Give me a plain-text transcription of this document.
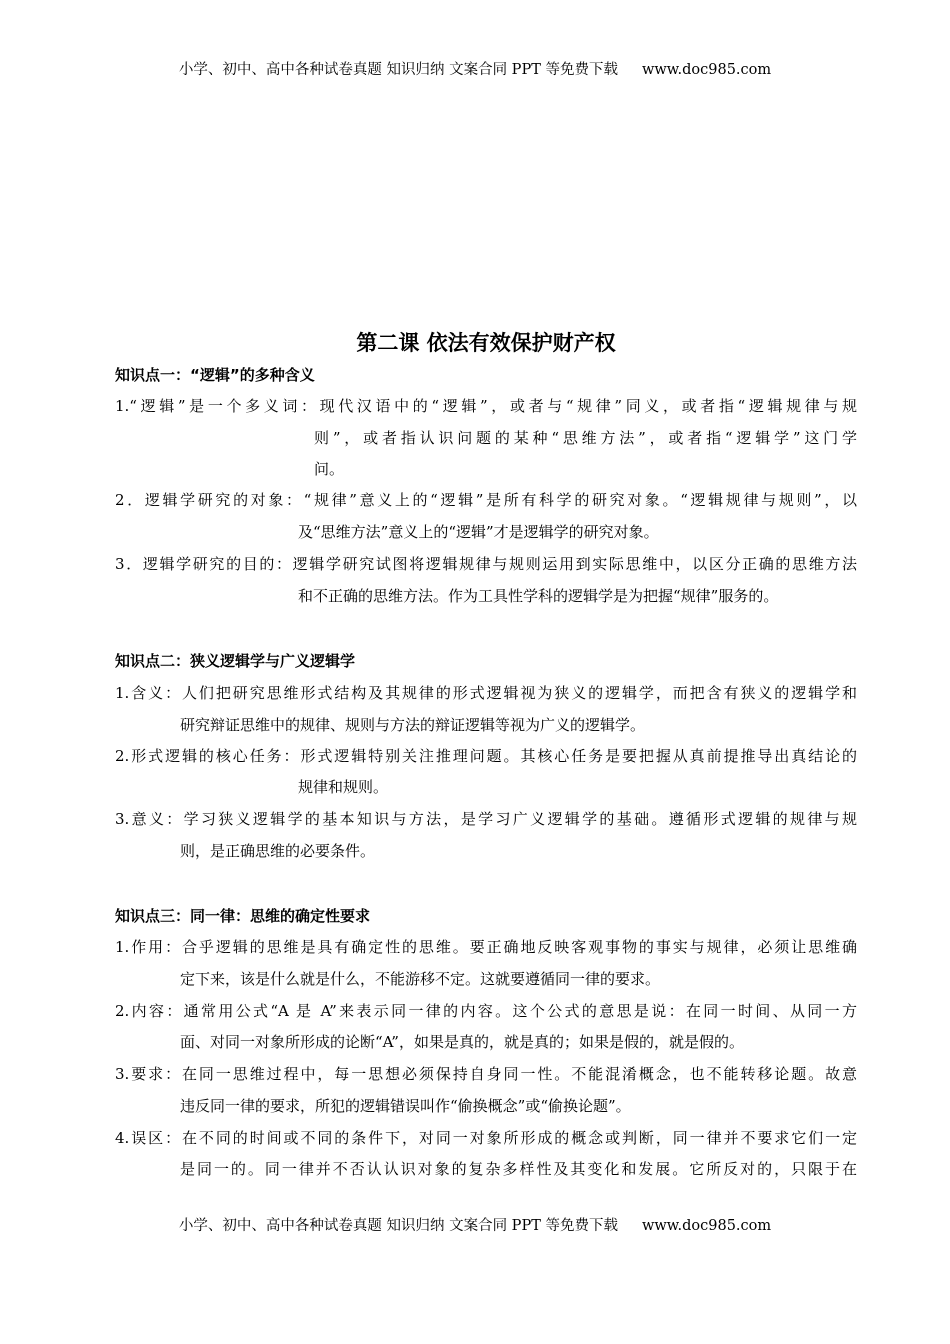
小学、初中、高中各种试卷真题 知识归纳 文案合同 PPT 等免费下载 www.doc985.com
第二课 依法有效保护财产权
知识点一：“逻辑”的多种含义
1.“逻辑”是一个多义词：现代汉语中的“逻辑”，或者与“规律”同义，或者指“逻辑规律与规
则”，或者指认识问题的某种“思维方法”，或者指“逻辑学”这门学
问。
2．逻辑学研究的对象：“规律”意义上的“逻辑”是所有科学的研究对象。“逻辑规律与规则”，以
及“思维方法”意义上的“逻辑”才是逻辑学的研究对象。
3．逻辑学研究的目的：逻辑学研究试图将逻辑规律与规则运用到实际思维中，以区分正确的思维方法
和不正确的思维方法。作为工具性学科的逻辑学是为把握“规律”服务的。
知识点二：狭义逻辑学与广义逻辑学
1.含义：人们把研究思维形式结构及其规律的形式逻辑视为狭义的逻辑学，而把含有狭义的逻辑学和
研究辩证思维中的规律、规则与方法的辩证逻辑等视为广义的逻辑学。
2.形式逻辑的核心任务：形式逻辑特别关注推理问题。其核心任务是要把握从真前提推导出真结论的
规律和规则。
3.意义：学习狭义逻辑学的基本知识与方法，是学习广义逻辑学的基础。遵循形式逻辑的规律与规
则，是正确思维的必要条件。
知识点三：同一律：思维的确定性要求
1.作用：合乎逻辑的思维是具有确定性的思维。要正确地反映客观事物的事实与规律，必须让思维确
定下来，该是什么就是什么，不能游移不定。这就要遵循同一律的要求。
2.内容：通常用公式“A 是 A”来表示同一律的内容。这个公式的意思是说：在同一时间、从同一方
面、对同一对象所形成的论断“A”，如果是真的，就是真的；如果是假的，就是假的。
3.要求：在同一思维过程中，每一思想必须保持自身同一性。不能混淆概念，也不能转移论题。故意
违反同一律的要求，所犯的逻辑错误叫作“偷换概念”或“偷换论题”。
4.误区：在不同的时间或不同的条件下，对同一对象所形成的概念或判断，同一律并不要求它们一定
是同一的。同一律并不否认认识对象的复杂多样性及其变化和发展。它所反对的，只限于在
小学、初中、高中各种试卷真题 知识归纳 文案合同 PPT 等免费下载 www.doc985.com
